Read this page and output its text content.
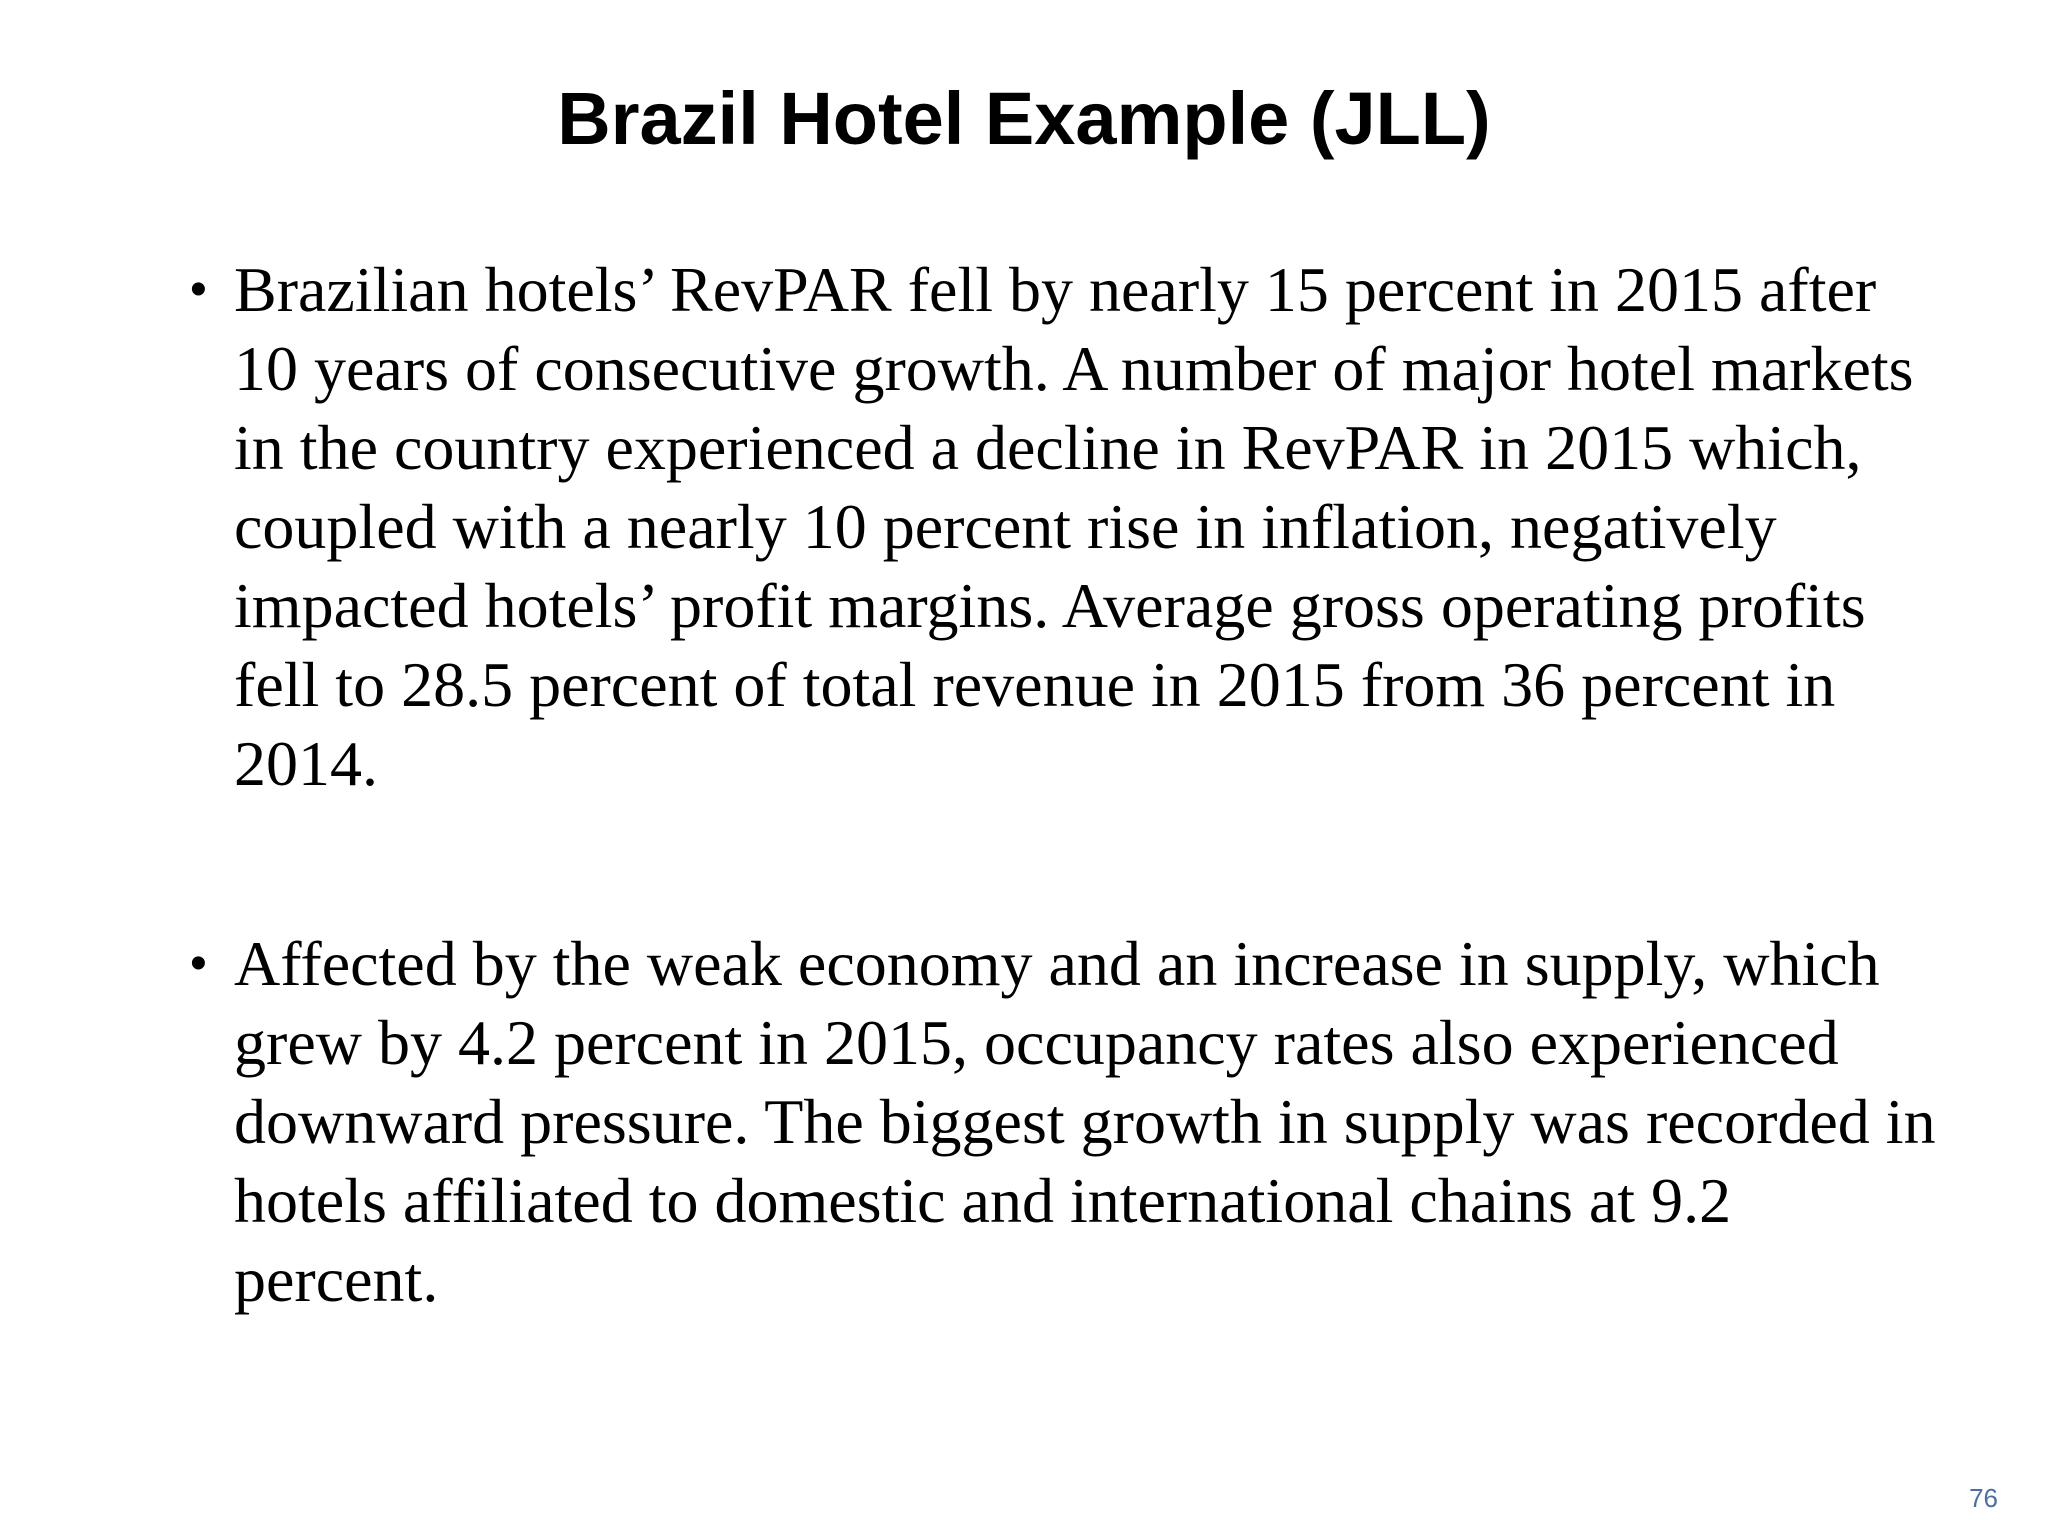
Brazil Hotel Example (JLL)
• Brazilian hotels’ RevPAR fell by nearly 15 percent in 2015 after 10 years of consecutive growth. A number of major hotel markets in the country experienced a decline in RevPAR in 2015 which, coupled with a nearly 10 percent rise in inflation, negatively impacted hotels’ profit margins. Average gross operating profits fell to 28.5 percent of total revenue in 2015 from 36 percent in 2014.
• Affected by the weak economy and an increase in supply, which grew by 4.2 percent in 2015, occupancy rates also experienced downward pressure. The biggest growth in supply was recorded in hotels affiliated to domestic and international chains at 9.2 percent.
76
